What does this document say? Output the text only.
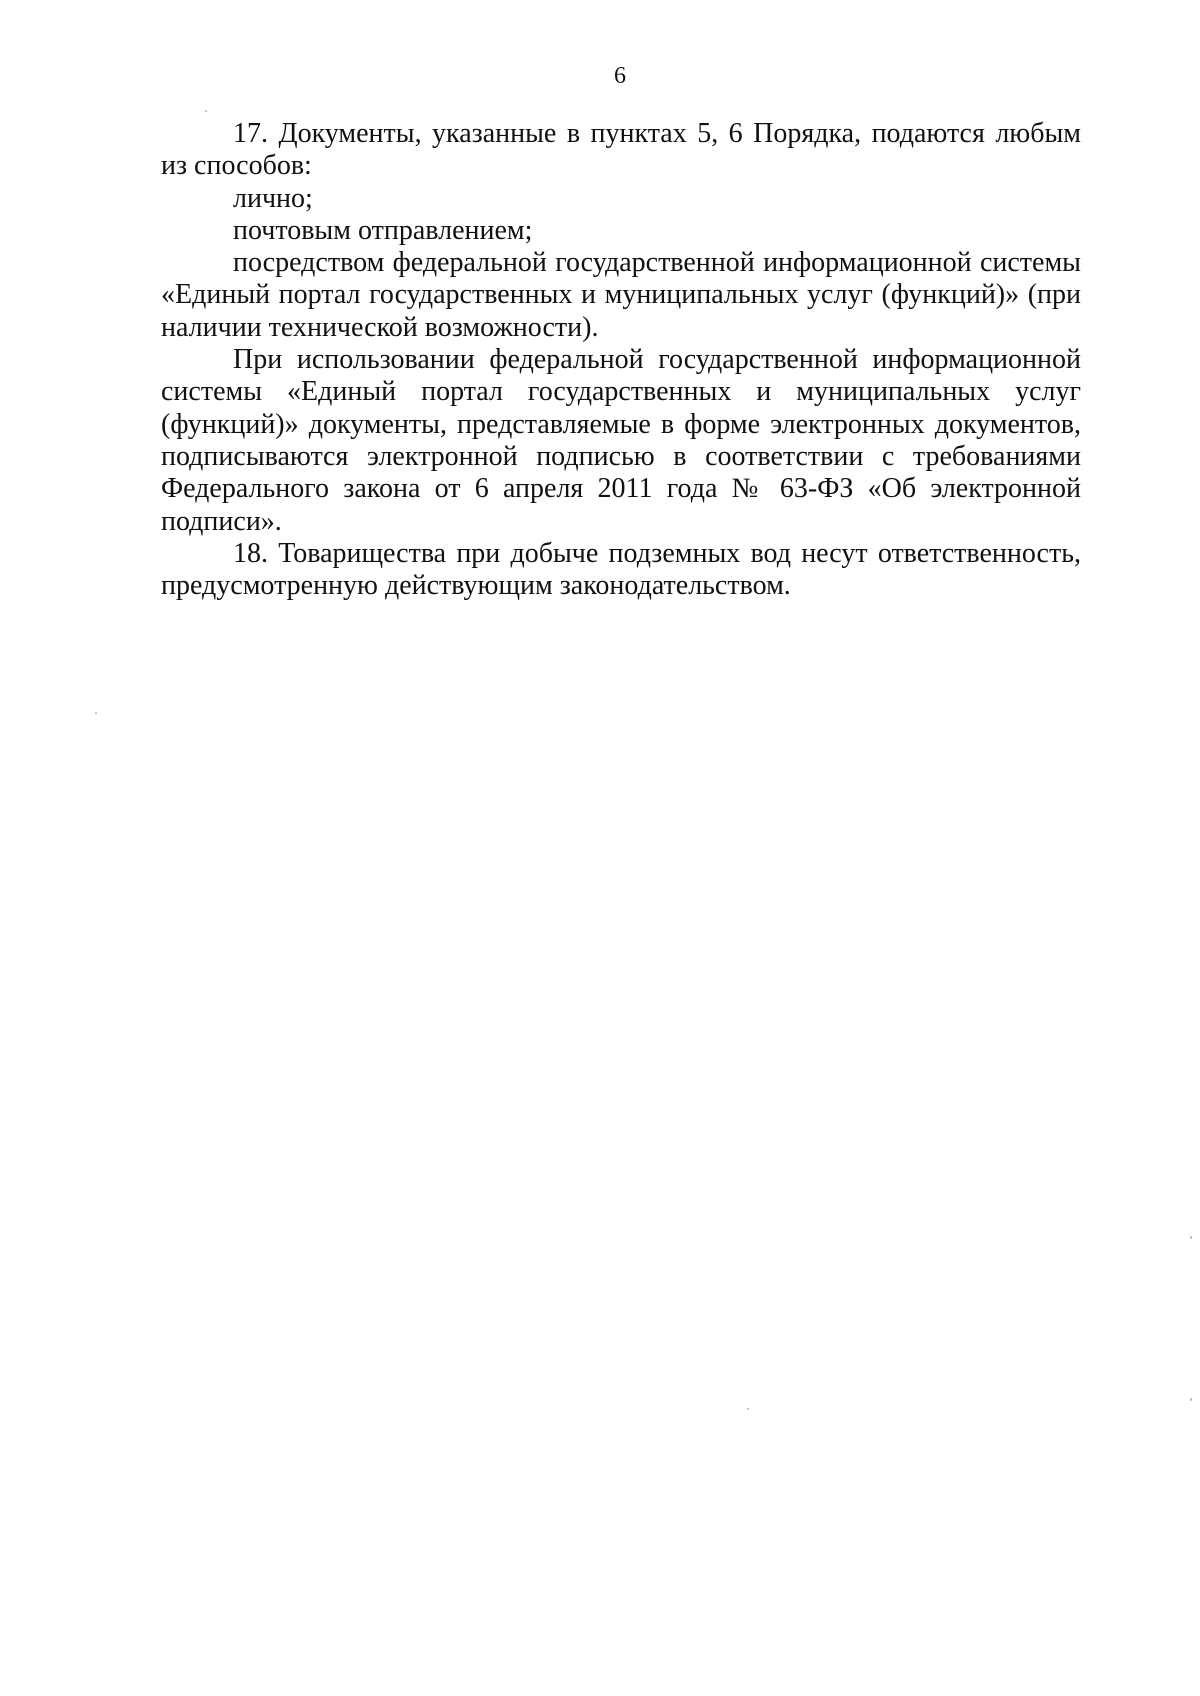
6

17. Документы, указанные в пунктах 5, 6 Порядка, подаются любым из способов:

лично;

почтовым отправлением;

посредством федеральной государственной информационной системы «Единый портал государственных и муниципальных услуг (функций)» (при наличии технической возможности).

При использовании федеральной государственной информационной системы «Единый портал государственных и муниципальных услуг (функций)» документы, представляемые в форме электронных документов, подписываются электронной подписью в соответствии с требованиями Федерального закона от 6 апреля 2011 года № 63-ФЗ «Об электронной подписи».

18. Товарищества при добыче подземных вод несут ответственность, предусмотренную действующим законодательством.
